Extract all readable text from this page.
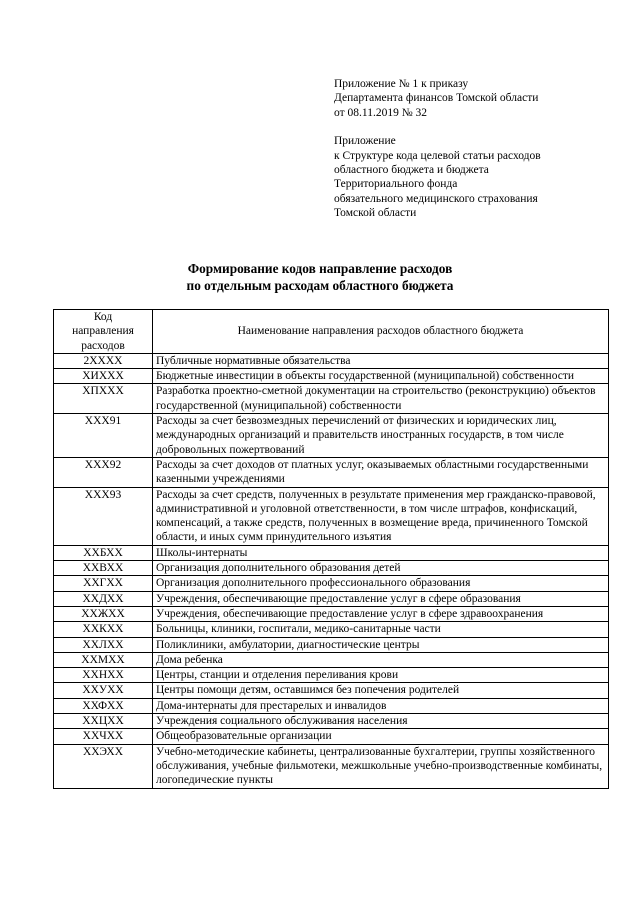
Приложение № 1 к приказу
Департамента финансов Томской области
от 08.11.2019 № 32
Приложение
к Структуре кода целевой статьи расходов
областного бюджета и бюджета
Территориального фонда
обязательного медицинского страхования
Томской области
Формирование кодов направление расходов
по отдельным расходам областного бюджета
Код
направления
расходов	Наименование направления расходов областного бюджета
2ХХХХ	Публичные нормативные обязательства
ХИХХХ	Бюджетные инвестиции в объекты государственной (муниципальной) собственности
ХПХХХ	Разработка проектно-сметной документации на строительство (реконструкцию) объектов государственной (муниципальной) собственности
ХХХ91	Расходы за счет безвозмездных перечислений от физических и юридических лиц, международных организаций и правительств иностранных государств, в том числе добровольных пожертвований
ХХХ92	Расходы за счет доходов от платных услуг, оказываемых областными государственными казенными учреждениями
ХХХ93	Расходы за счет средств, полученных в результате применения мер гражданско-правовой, административной и уголовной ответственности, в том числе штрафов, конфискаций, компенсаций, а также средств, полученных в возмещение вреда, причиненного Томской области, и иных сумм принудительного изъятия
ХХБХХ	Школы-интернаты
ХХВХХ	Организация дополнительного образования детей
ХХГХХ	Организация дополнительного профессионального образования
ХХДХХ	Учреждения, обеспечивающие предоставление услуг в сфере образования
ХХЖХХ	Учреждения, обеспечивающие предоставление услуг в сфере здравоохранения
ХХКХХ	Больницы, клиники, госпитали, медико-санитарные части
ХХЛХХ	Поликлиники, амбулатории, диагностические центры
ХХМХХ	Дома ребенка
ХХНХХ	Центры, станции и отделения переливания крови
ХХУХХ	Центры помощи детям, оставшимся без попечения родителей
ХХФХХ	Дома-интернаты для престарелых и инвалидов
ХХЦХХ	Учреждения социального обслуживания населения
ХХЧХХ	Общеобразовательные организации
ХХЭХХ	Учебно-методические кабинеты, централизованные бухгалтерии, группы хозяйственного обслуживания, учебные фильмотеки, межшкольные учебно-производственные комбинаты, логопедические пункты
